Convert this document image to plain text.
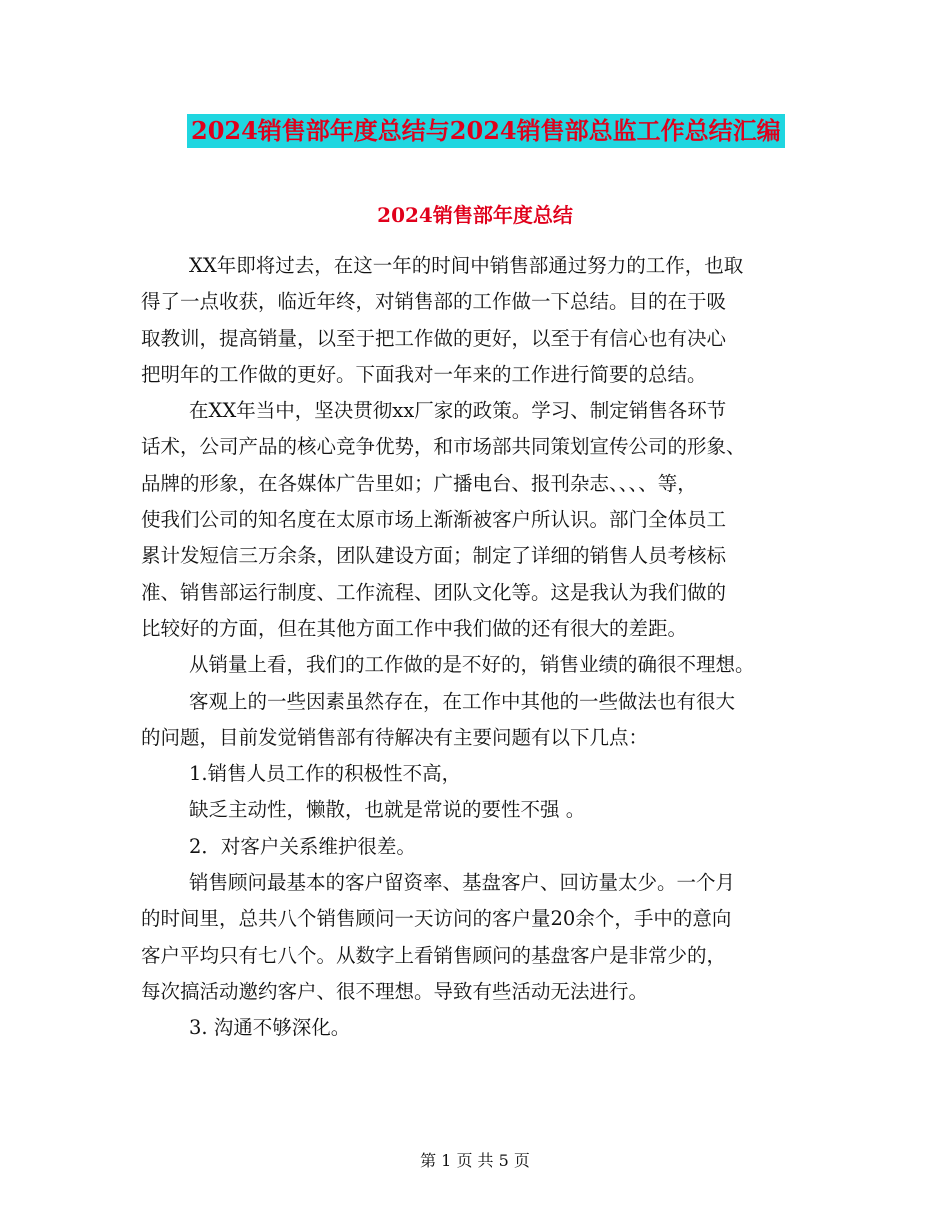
2024销售部年度总结与2024销售部总监工作总结汇编
2024销售部年度总结
XX年即将过去，在这一年的时间中销售部通过努力的工作，也取
得了一点收获，临近年终，对销售部的工作做一下总结。目的在于吸
取教训，提高销量，以至于把工作做的更好，以至于有信心也有决心
把明年的工作做的更好。下面我对一年来的工作进行简要的总结。
在XX年当中，坚决贯彻xx厂家的政策。学习、制定销售各环节
话术，公司产品的核心竞争优势，和市场部共同策划宣传公司的形象、
品牌的形象，在各媒体广告里如；广播电台、报刊杂志、、、、等，
使我们公司的知名度在太原市场上渐渐被客户所认识。部门全体员工
累计发短信三万余条，团队建设方面；制定了详细的销售人员考核标
准、销售部运行制度、工作流程、团队文化等。这是我认为我们做的
比较好的方面，但在其他方面工作中我们做的还有很大的差距。
从销量上看，我们的工作做的是不好的，销售业绩的确很不理想。
客观上的一些因素虽然存在，在工作中其他的一些做法也有很大
的问题，目前发觉销售部有待解决有主要问题有以下几点：
1.销售人员工作的积极性不高，
缺乏主动性，懒散，也就是常说的要性不强 。
2．对客户关系维护很差。
销售顾问最基本的客户留资率、基盘客户、回访量太少。一个月
的时间里，总共八个销售顾问一天访问的客户量20余个，手中的意向
客户平均只有七八个。从数字上看销售顾问的基盘客户是非常少的，
每次搞活动邀约客户、很不理想。导致有些活动无法进行。
3. 沟通不够深化。
第 1 页 共 5 页
